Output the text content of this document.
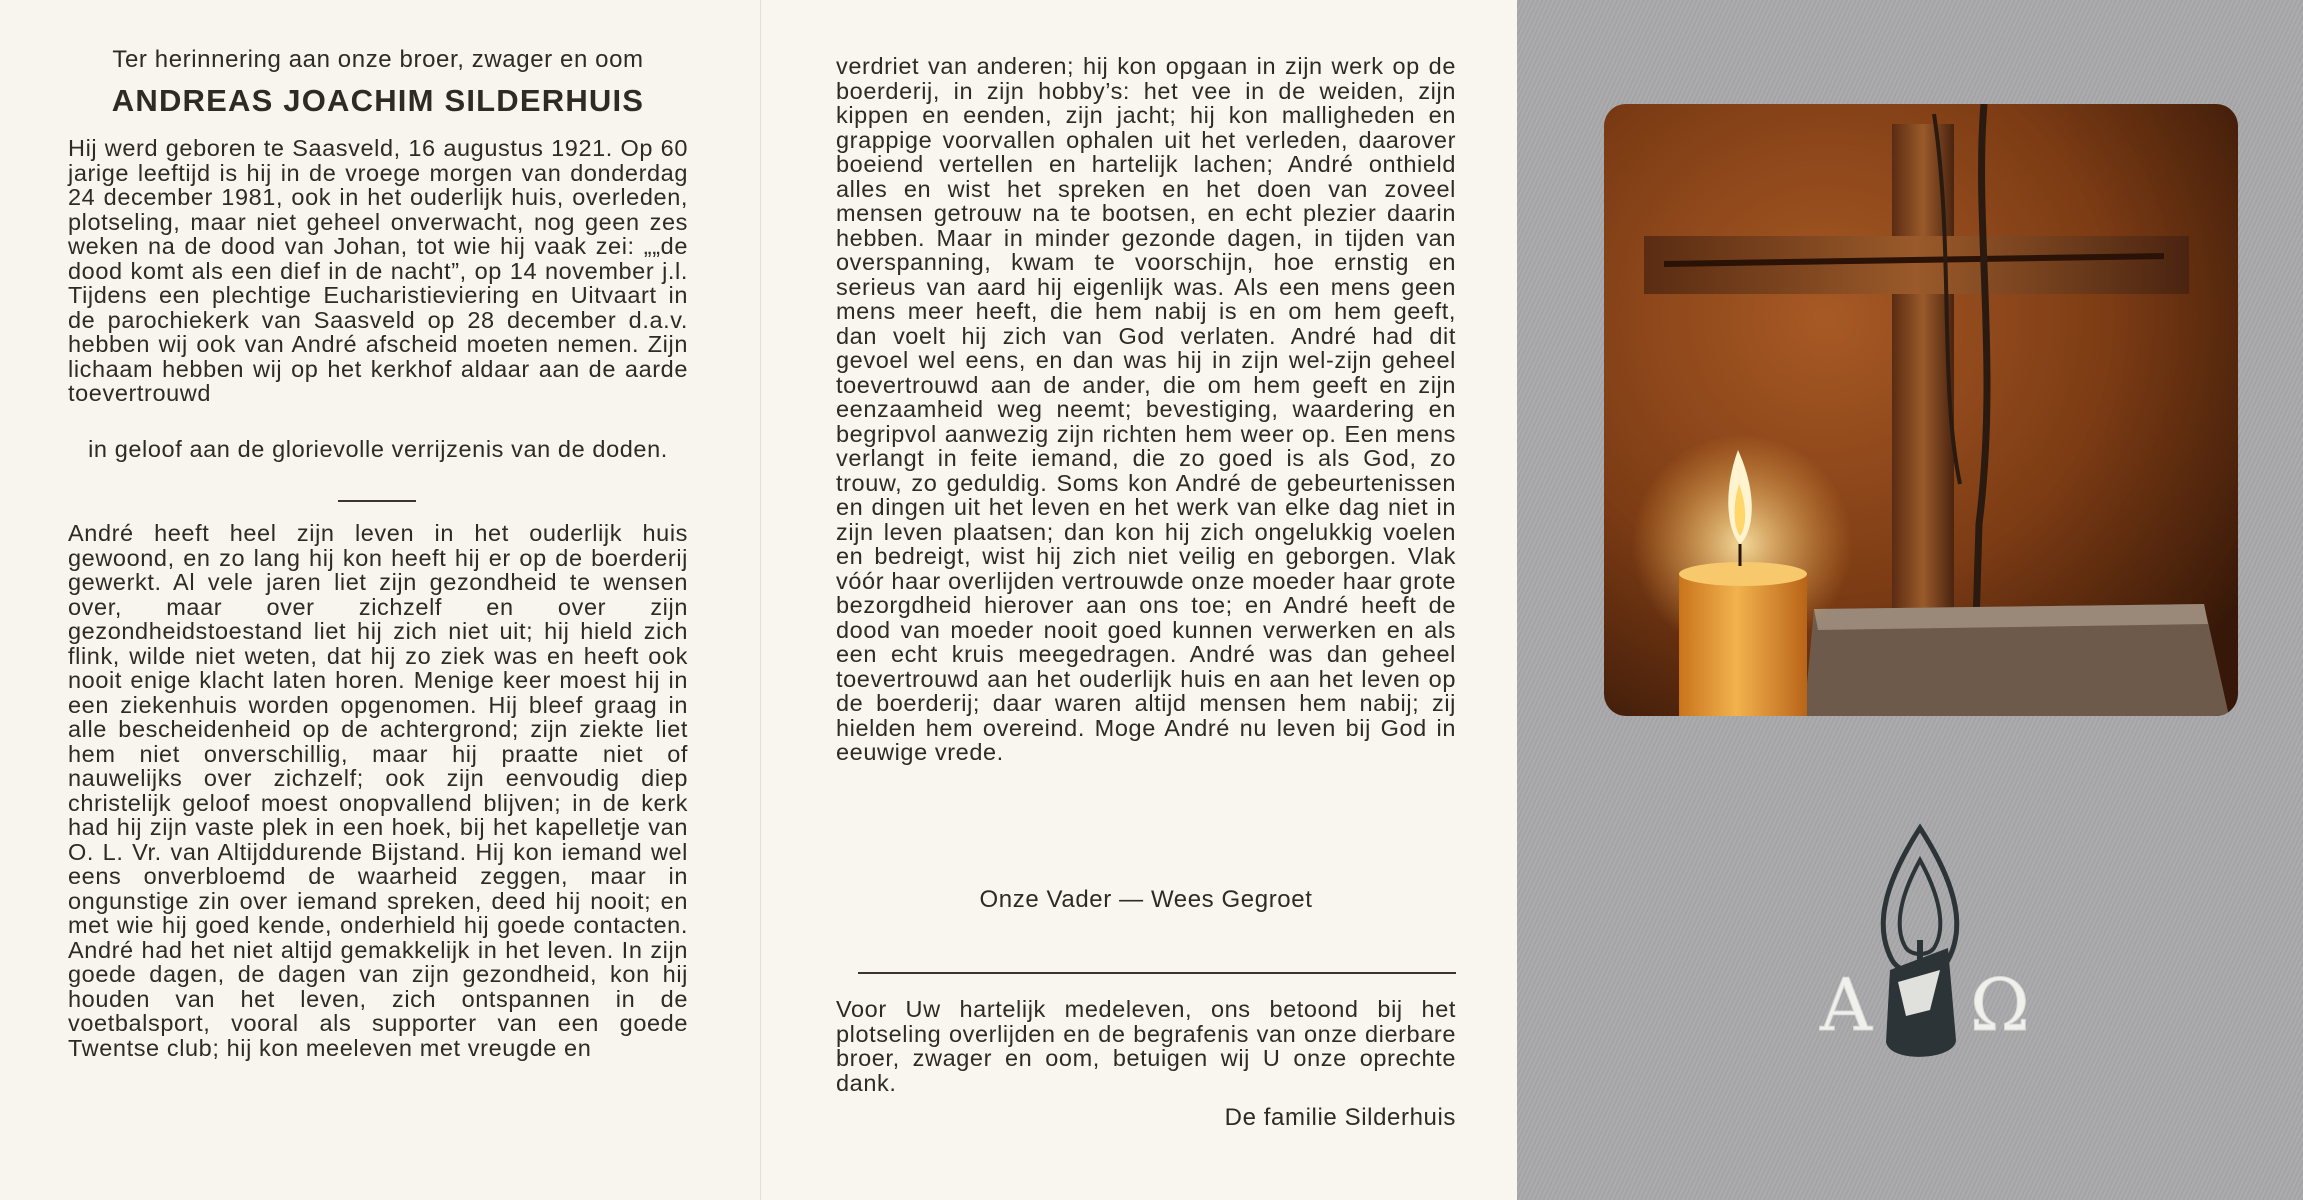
Ter herinnering aan onze broer, zwager en oom
ANDREAS JOACHIM SILDERHUIS
Hij werd geboren te Saasveld, 16 augustus 1921. Op 60 jarige leeftijd is hij in de vroege morgen van donderdag 24 december 1981, ook in het ouderlijk huis, overleden, plotseling, maar niet geheel onverwacht, nog geen zes weken na de dood van Johan, tot wie hij vaak zei: „„de dood komt als een dief in de nacht”, op 14 november j.l. Tijdens een plechtige Eucharistieviering en Uitvaart in de parochiekerk van Saasveld op 28 december d.a.v. hebben wij ook van André afscheid moeten nemen. Zijn lichaam hebben wij op het kerkhof aldaar aan de aarde toevertrouwd
in geloof aan de glorievolle verrijzenis van de doden.
André heeft heel zijn leven in het ouderlijk huis gewoond, en zo lang hij kon heeft hij er op de boerderij gewerkt. Al vele jaren liet zijn gezondheid te wensen over, maar over zichzelf en over zijn gezondheidstoestand liet hij zich niet uit; hij hield zich flink, wilde niet weten, dat hij zo ziek was en heeft ook nooit enige klacht laten horen. Menige keer moest hij in een ziekenhuis worden opgenomen. Hij bleef graag in alle bescheidenheid op de achtergrond; zijn ziekte liet hem niet onverschillig, maar hij praatte niet of nauwelijks over zichzelf; ook zijn eenvoudig diep christelijk geloof moest onopvallend blijven; in de kerk had hij zijn vaste plek in een hoek, bij het kapelletje van O. L. Vr. van Altijddurende Bijstand. Hij kon iemand wel eens onverbloemd de waarheid zeggen, maar in ongunstige zin over iemand spreken, deed hij nooit; en met wie hij goed kende, onderhield hij goede contacten. André had het niet altijd gemakkelijk in het leven. In zijn goede dagen, de dagen van zijn gezondheid, kon hij houden van het leven, zich ontspannen in de voetbalsport, vooral als supporter van een goede Twentse club; hij kon meeleven met vreugde en
verdriet van anderen; hij kon opgaan in zijn werk op de boerderij, in zijn hobby’s: het vee in de weiden, zijn kippen en eenden, zijn jacht; hij kon malligheden en grappige voorvallen ophalen uit het verleden, daarover boeiend vertellen en hartelijk lachen; André onthield alles en wist het spreken en het doen van zoveel mensen getrouw na te bootsen, en echt plezier daarin hebben. Maar in minder gezonde dagen, in tijden van overspanning, kwam te voorschijn, hoe ernstig en serieus van aard hij eigenlijk was. Als een mens geen mens meer heeft, die hem nabij is en om hem geeft, dan voelt hij zich van God verlaten. André had dit gevoel wel eens, en dan was hij in zijn wel-zijn geheel toevertrouwd aan de ander, die om hem geeft en zijn eenzaamheid weg neemt; bevestiging, waardering en begripvol aanwezig zijn richten hem weer op. Een mens verlangt in feite iemand, die zo goed is als God, zo trouw, zo geduldig. Soms kon André de gebeurtenissen en dingen uit het leven en het werk van elke dag niet in zijn leven plaatsen; dan kon hij zich ongelukkig voelen en bedreigt, wist hij zich niet veilig en geborgen. Vlak vóór haar overlijden vertrouwde onze moeder haar grote bezorgdheid hierover aan ons toe; en André heeft de dood van moeder nooit goed kunnen verwerken en als een echt kruis meegedragen. André was dan geheel toevertrouwd aan het ouderlijk huis en aan het leven op de boerderij; daar waren altijd mensen hem nabij; zij hielden hem overeind. Moge André nu leven bij God in eeuwige vrede.
Onze Vader — Wees Gegroet
Voor Uw hartelijk medeleven, ons betoond bij het plotseling overlijden en de begrafenis van onze dierbare broer, zwager en oom, betuigen wij U onze oprechte dank.
De familie Silderhuis
A Ω
